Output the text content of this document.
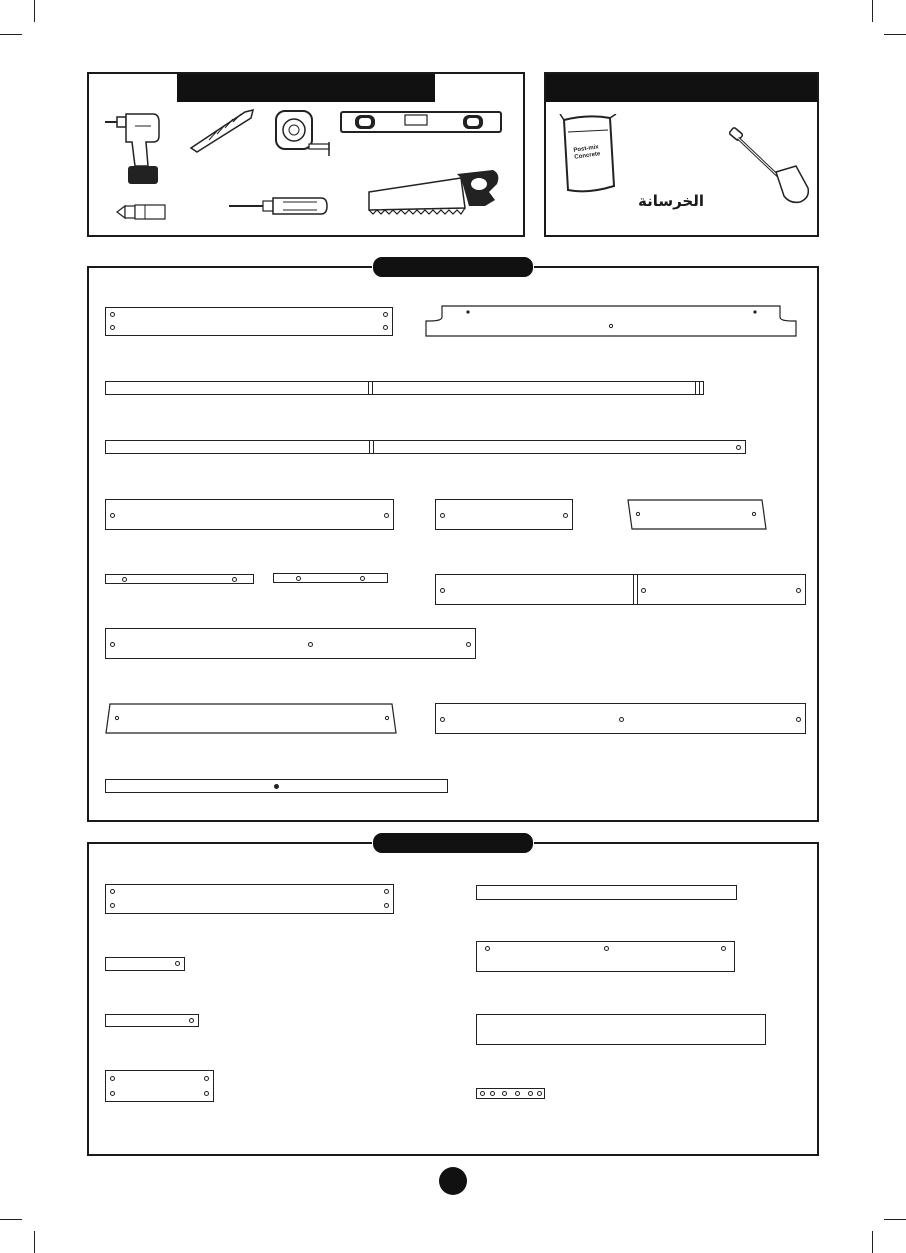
Post-mix
Concrete
الخرسانة
